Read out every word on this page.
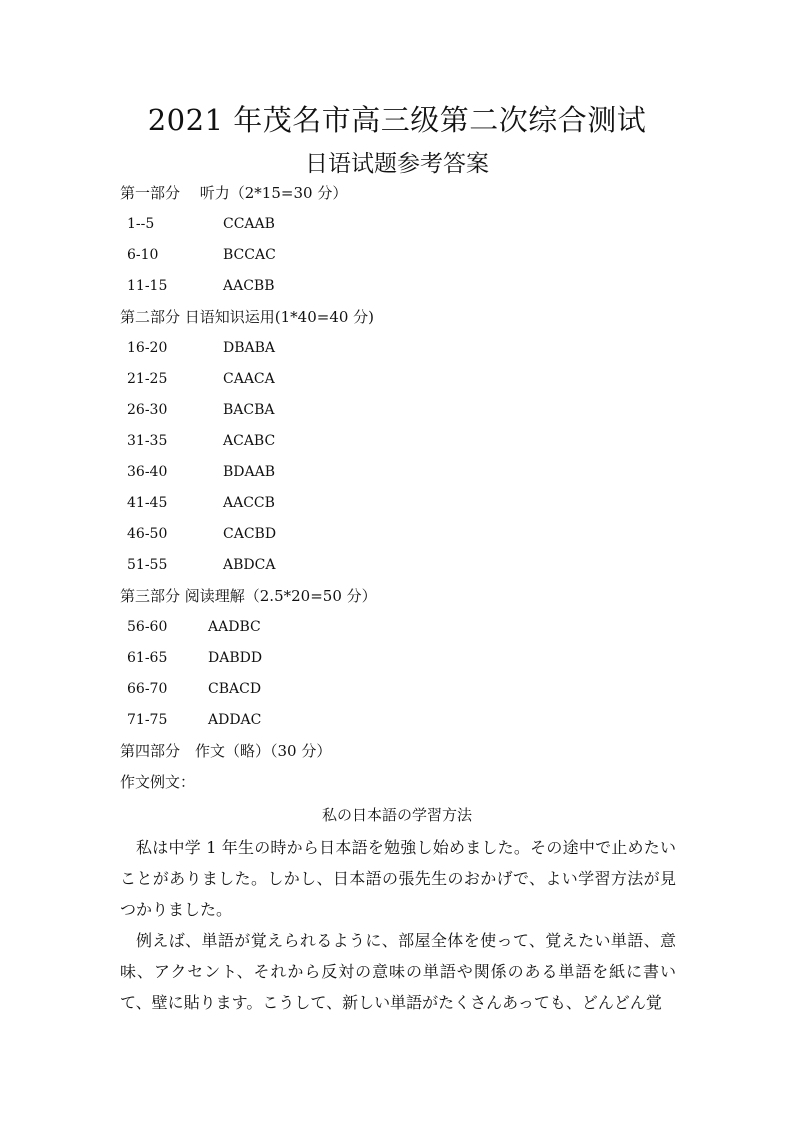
2021 年茂名市高三级第二次综合测试
日语试题参考答案
第一部分　 听力（2*15=30 分）
1--5	CCAAB
6-10	BCCAC
11-15	AACBB
第二部分 日语知识运用(1*40=40 分)
16-20	DBABA
21-25	CAACA
26-30	BACBA
31-35	ACABC
36-40	BDAAB
41-45	AACCB
46-50	CACBD
51-55	ABDCA
第三部分 阅读理解（2.5*20=50 分）
56-60	AADBC
61-65	DABDD
66-70	CBACD
71-75	ADDAC
第四部分　作文（略）（30 分）
作文例文：
私の日本語の学習方法

私は中学 1 年生の時から日本語を勉強し始めました。その途中で止めたいことがありました。しかし、日本語の張先生のおかげで、よい学習方法が見つかりました。

例えば、単語が覚えられるように、部屋全体を使って、覚えたい単語、意味、アクセント、それから反対の意味の単語や関係のある単語を紙に書いて、壁に貼ります。こうして、新しい単語がたくさんあっても、どんどん覚
